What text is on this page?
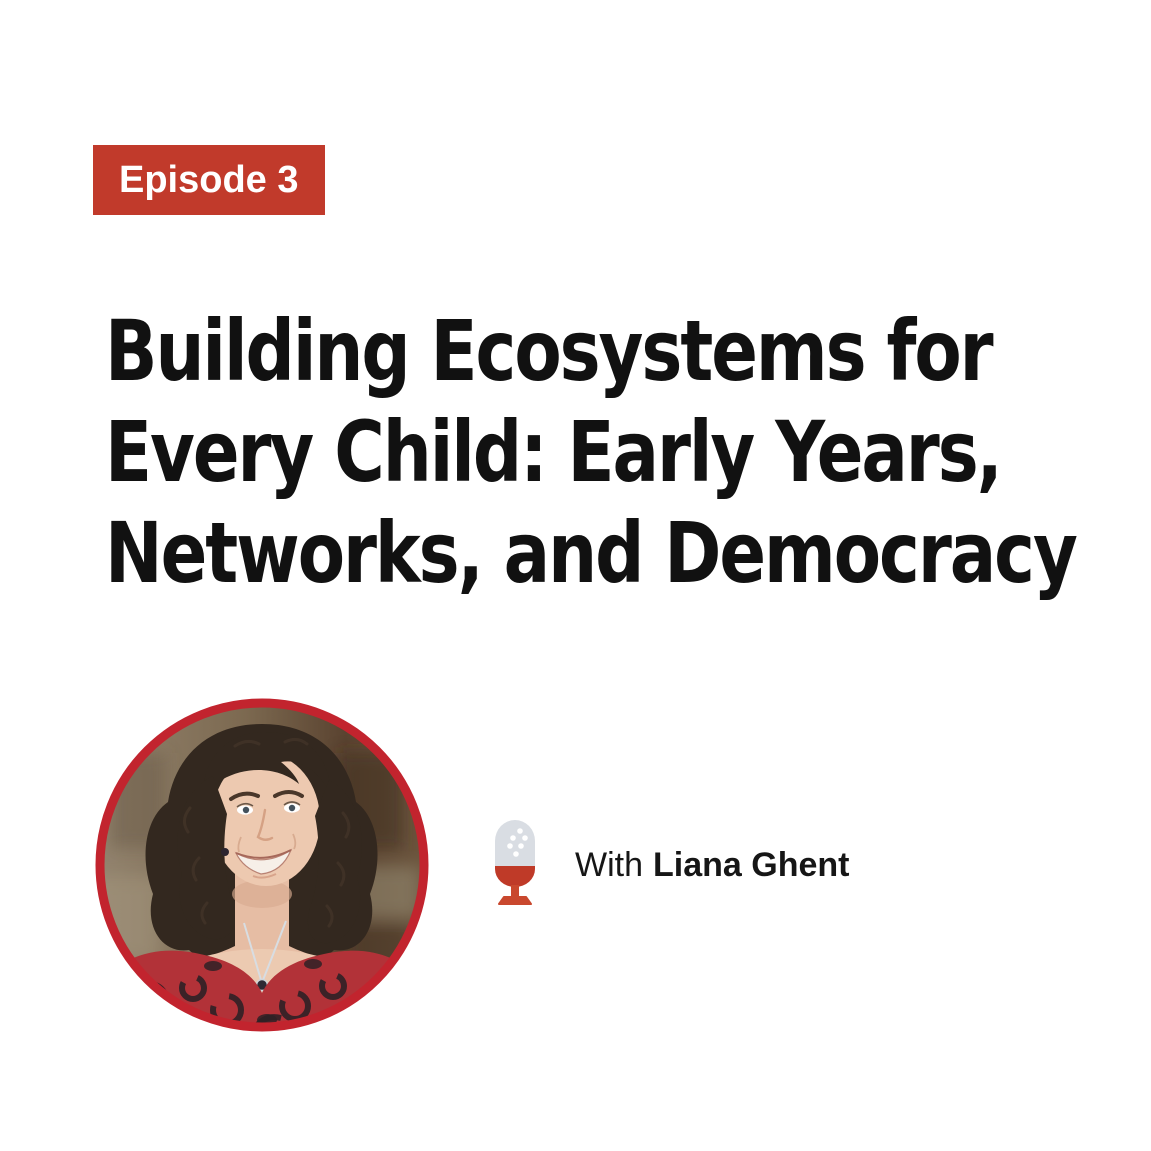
Episode 3
Building Ecosystems for
Every Child: Early Years,
Networks, and Democracy
With Liana Ghent
